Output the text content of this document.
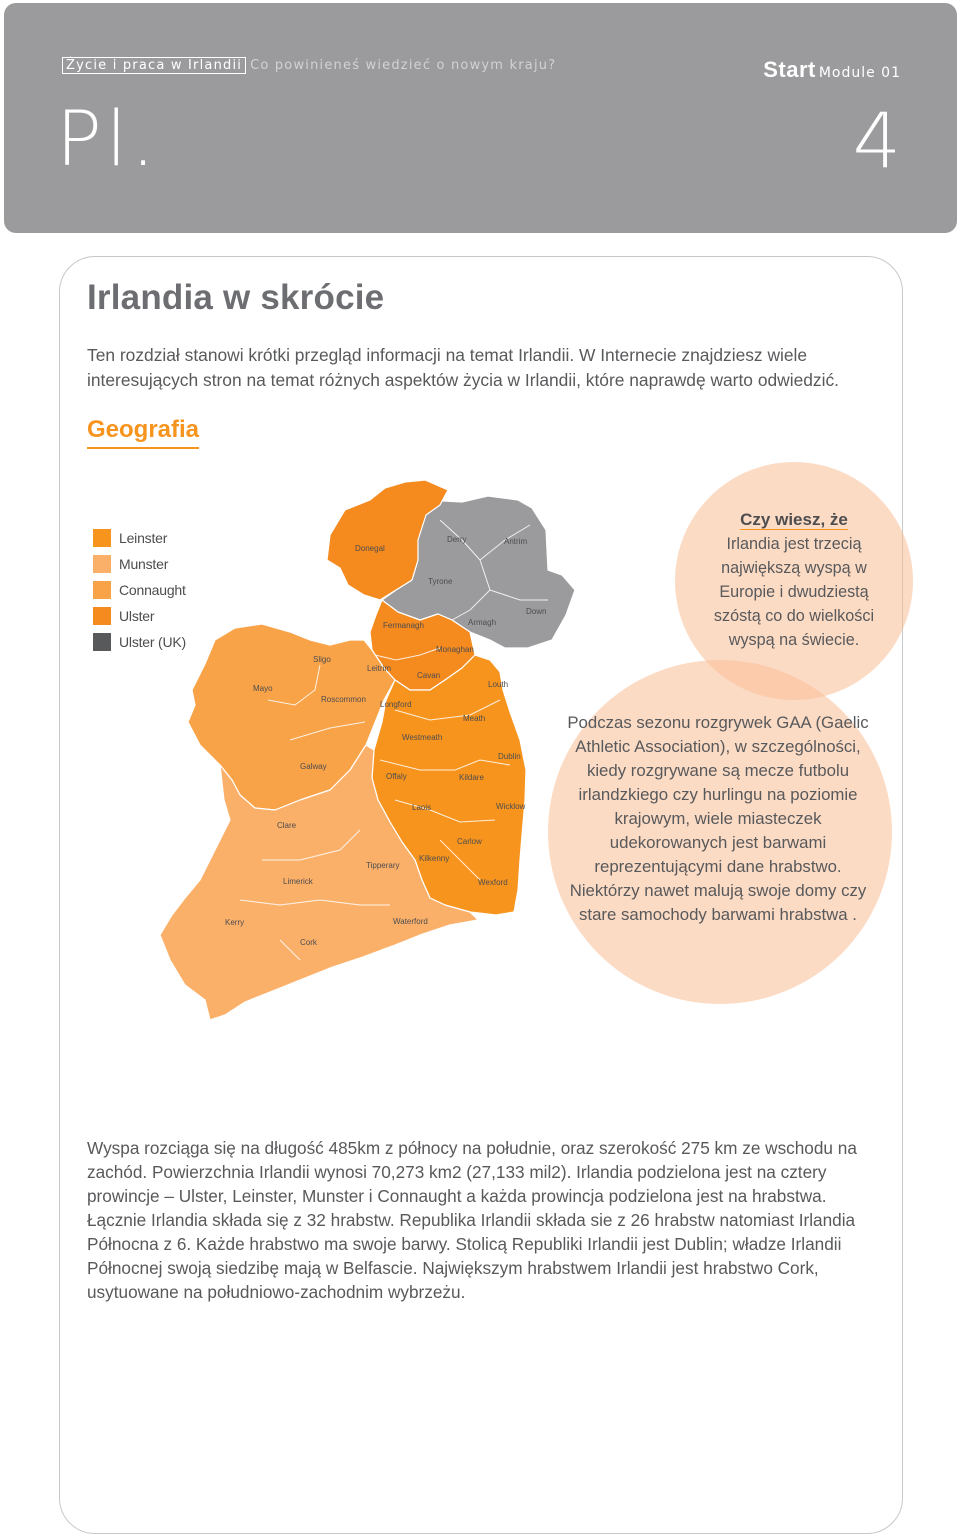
Życie i praca w Irlandii Co powinieneś wiedzieć o nowym kraju?	Start Module 01
Pl.	4
Irlandia w skrócie

Ten rozdział stanowi krótki przegląd informacji na temat Irlandii. W Internecie znajdziesz wiele interesujących stron na temat różnych aspektów życia w Irlandii, które naprawdę warto odwiedzić.

Geografia
Leinster
Munster
Connaught
Ulster
Ulster (UK)
Donegal
Derry	Antrim
Tyrone
Fermanagh	Armagh
Down
Monaghan
Sligo
Leitrim
Cavan
Louth
Mayo
Roscommon
Longford
Meath
Westmeath
Dublin
Galway
Offaly	Kildare
Laois	Wicklow
Clare
Carlow
Tipperary
Kilkenny
Limerick	Wexford
Kerry	Waterford
Cork
Czy wiesz, że
Irlandia jest trzecią największą wyspą w Europie i dwudziestą szóstą co do wielkości wyspą na świecie.
Podczas sezonu rozgrywek GAA (Gaelic Athletic Association), w szczególności, kiedy rozgrywane są mecze futbolu irlandzkiego czy hurlingu na poziomie krajowym, wiele miasteczek udekorowanych jest barwami reprezentującymi dane hrabstwo. Niektórzy nawet malują swoje domy czy stare samochody barwami hrabstwa .

Wyspa rozciąga się na długość 485km z północy na południe, oraz szerokość 275 km ze wschodu na zachód. Powierzchnia Irlandii wynosi 70,273 km2 (27,133 mil2). Irlandia podzielona jest na cztery prowincje – Ulster, Leinster, Munster i Connaught a każda prowincja podzielona jest na hrabstwa. Łącznie Irlandia składa się z 32 hrabstw. Republika Irlandii składa sie z 26 hrabstw natomiast Irlandia Północna z 6. Każde hrabstwo ma swoje barwy. Stolicą Republiki Irlandii jest Dublin; władze Irlandii Północnej swoją siedzibę mają w Belfascie. Największym hrabstwem Irlandii jest hrabstwo Cork, usytuowane na południowo-zachodnim wybrzeżu.
